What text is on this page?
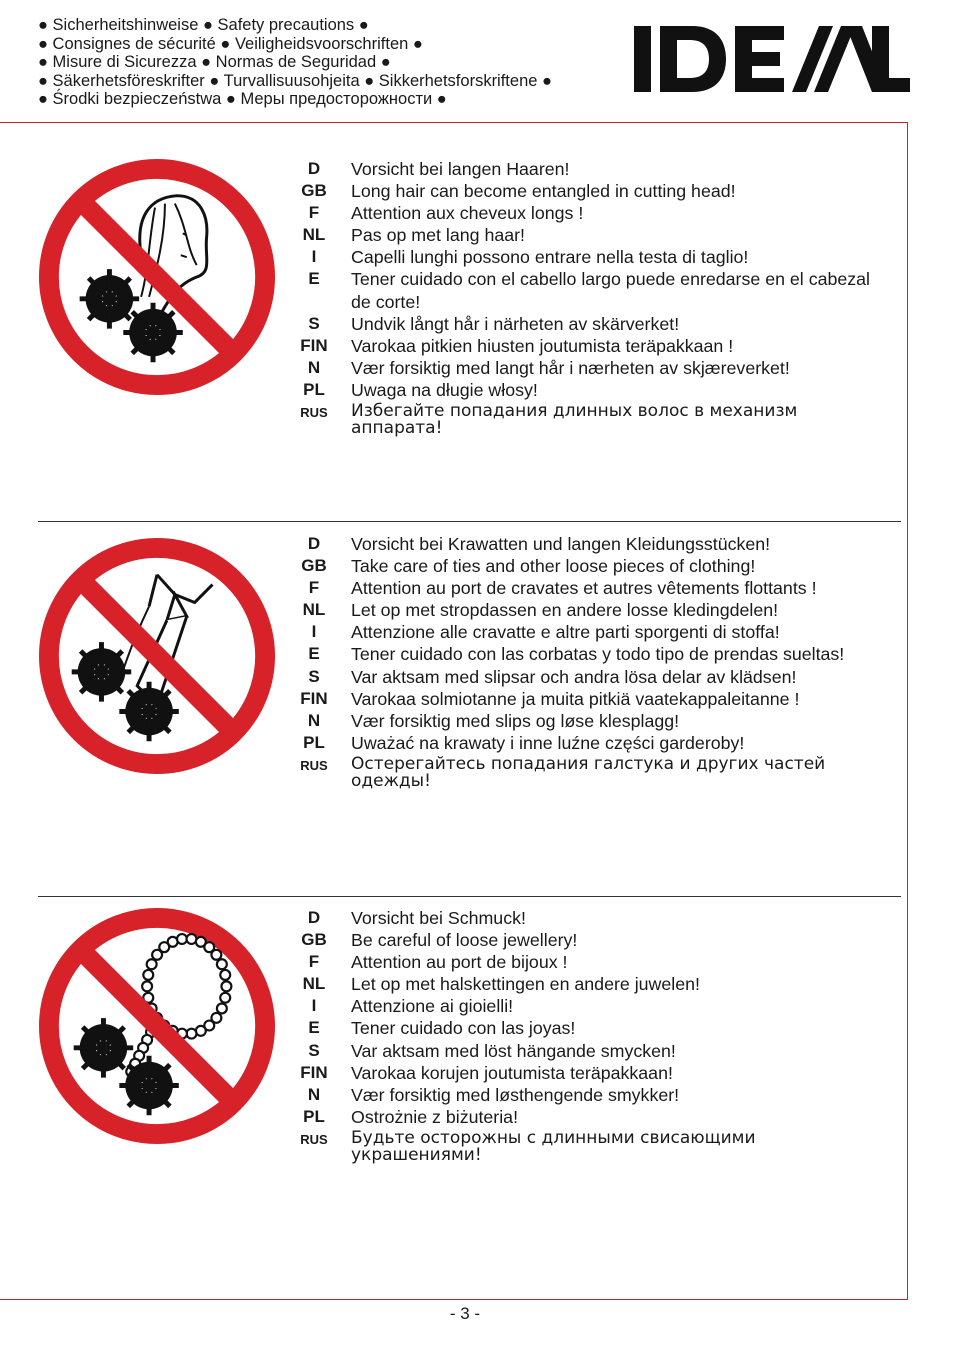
● Sicherheitshinweise ● Safety precautions ●
● Consignes de sécurité ● Veiligheidsvoorschriften ●
● Misure di Sicurezza ● Normas de Seguridad ●
● Säkerhetsföreskrifter ● Turvallisuusohjeita ● Sikkerhetsforskriftene ●
● Środki bezpieczeństwa ● Меры предосторожности ●
IDEAL
D	Vorsicht bei langen Haaren!
GB	Long hair can become entangled in cutting head!
F	Attention aux cheveux longs !
NL	Pas op met lang haar!
I	Capelli lunghi possono entrare nella testa di taglio!
E	Tener cuidado con el cabello largo puede enredarse en el cabezal de corte!
S	Undvik långt hår i närheten av skärverket!
FIN	Varokaa pitkien hiusten joutumista teräpakkaan !
N	Vær forsiktig med langt hår i nærheten av skjæreverket!
PL	Uwaga na długie włosy!
RUS	Избегайте попадания длинных волос в механизм аппарата!
D	Vorsicht bei Krawatten und langen Kleidungsstücken!
GB	Take care of ties and other loose pieces of clothing!
F	Attention au port de cravates et autres vêtements flottants !
NL	Let op met stropdassen en andere losse kledingdelen!
I	Attenzione alle cravatte e altre parti sporgenti di stoffa!
E	Tener cuidado con las corbatas y todo tipo de prendas sueltas!
S	Var aktsam med slipsar och andra lösa delar av klädsen!
FIN	Varokaa solmiotanne ja muita pitkiä vaatekappaleitanne !
N	Vær forsiktig med slips og løse klesplagg!
PL	Uważać na krawaty i inne luźne części garderoby!
RUS	Остерегайтесь попадания галстука и других частей одежды!
D	Vorsicht bei Schmuck!
GB	Be careful of loose jewellery!
F	Attention au port de bijoux !
NL	Let op met halskettingen en andere juwelen!
I	Attenzione ai gioielli!
E	Tener cuidado con las joyas!
S	Var aktsam med löst hängande smycken!
FIN	Varokaa korujen joutumista teräpakkaan!
N	Vær forsiktig med løsthengende smykker!
PL	Ostrożnie z biżuteria!
RUS	Будьте осторожны с длинными свисающими украшениями!
- 3 -
